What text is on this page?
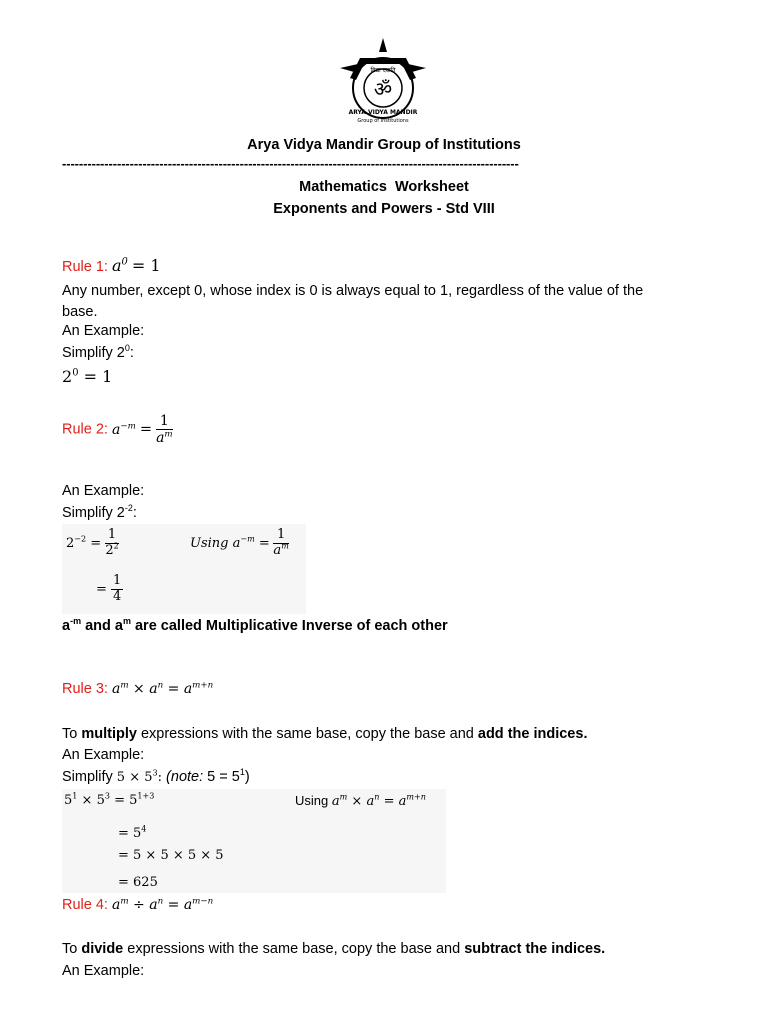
ॐ
विद्या ददाति
ARYA VIDYA MANDIR
Group of Institutions
Arya Vidya Mandir Group of Institutions
------------------------------------------------------------------------------------------------------------
Mathematics  Worksheet
Exponents and Powers - Std VIII
Rule 1: $a^0 = 1$
Any number, except 0, whose index is 0 is always equal to 1, regardless of the value of the base.
An Example:
Simplify $2^0$:
$2^0 = 1$
Rule 2: $a^{-m} = \frac{1}{a^m}$
An Example:
Simplify $2^{-2}$:
$2^{-2} = \frac{1}{2^2}$	Using $a^{-m} = \frac{1}{a^m}$
= $\frac{1}{4}$
$a^{-m}$ and $a^m$ are called Multiplicative Inverse of each other
Rule 3: $a^m \times a^n = a^{m+n}$
To multiply expressions with the same base, copy the base and add the indices.
An Example:
Simplify $5 \times 5^3$: (note: $5 = 5^1$)
$5^1 \times 5^3 = 5^{1+3}$	Using $a^m \times a^n = a^{m+n}$
= $5^4$
= 5 × 5 × 5 × 5
= 625
Rule 4: $a^m \div a^n = a^{m-n}$
To divide expressions with the same base, copy the base and subtract the indices.
An Example:
